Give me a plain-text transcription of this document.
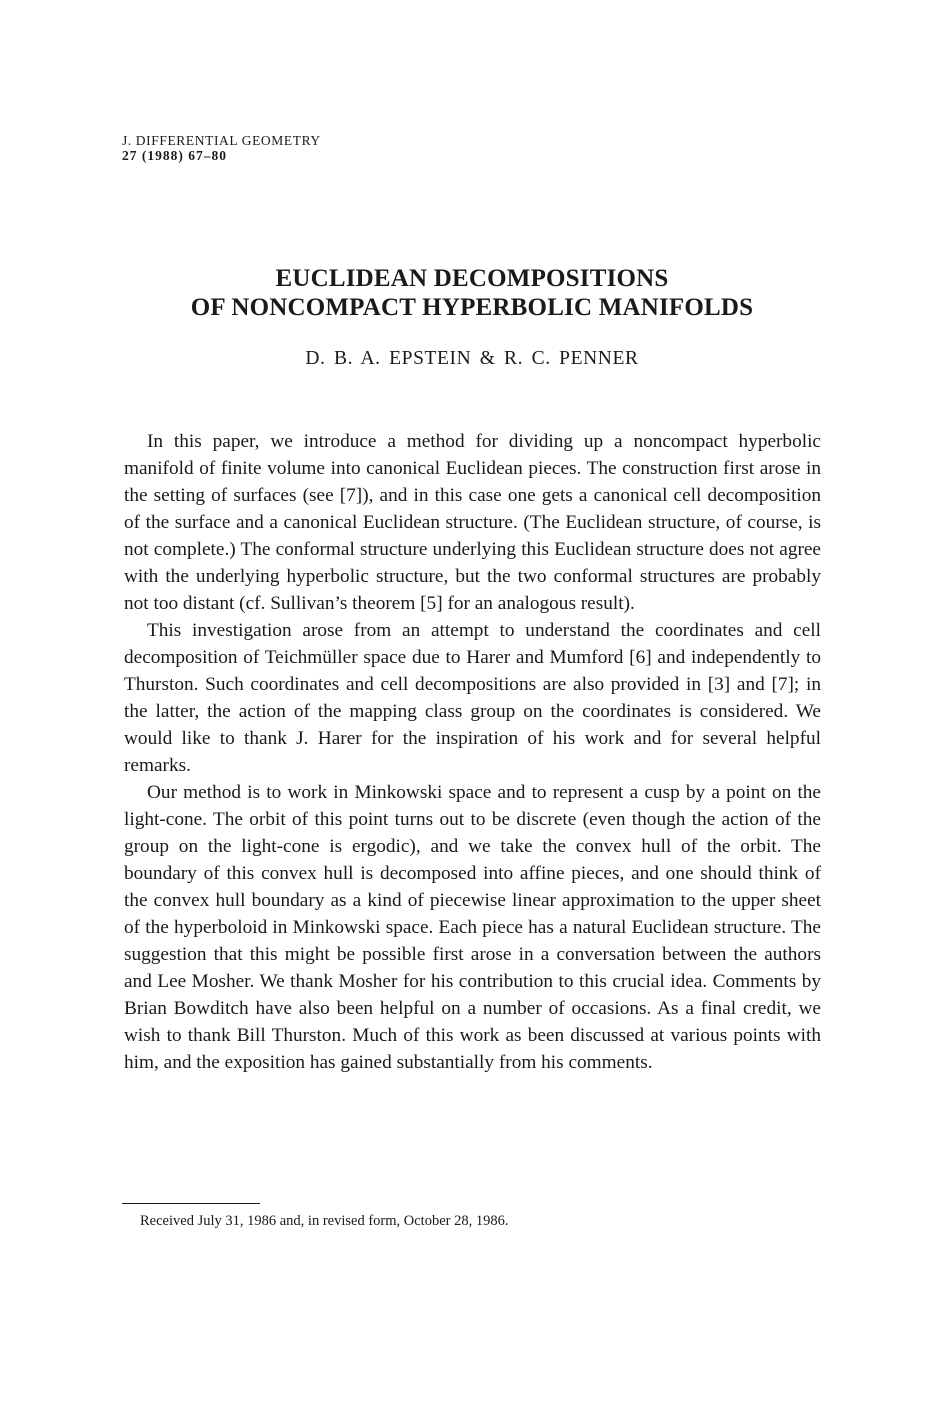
J. DIFFERENTIAL GEOMETRY
27 (1988) 67–80
EUCLIDEAN DECOMPOSITIONS
OF NONCOMPACT HYPERBOLIC MANIFOLDS
D. B. A. EPSTEIN & R. C. PENNER

In this paper, we introduce a method for dividing up a noncompact hyperbolic manifold of finite volume into canonical Euclidean pieces. The construction first arose in the setting of surfaces (see [7]), and in this case one gets a canonical cell decomposition of the surface and a canonical Euclidean structure. (The Euclidean structure, of course, is not complete.) The conformal structure underlying this Euclidean structure does not agree with the underlying hyperbolic structure, but the two conformal structures are probably not too distant (cf. Sullivan’s theorem [5] for an analogous result).

This investigation arose from an attempt to understand the coordinates and cell decomposition of Teichmüller space due to Harer and Mumford [6] and independently to Thurston. Such coordinates and cell decompositions are also provided in [3] and [7]; in the latter, the action of the mapping class group on the coordinates is considered. We would like to thank J. Harer for the inspiration of his work and for several helpful remarks.

Our method is to work in Minkowski space and to represent a cusp by a point on the light-cone. The orbit of this point turns out to be discrete (even though the action of the group on the light-cone is ergodic), and we take the convex hull of the orbit. The boundary of this convex hull is decomposed into affine pieces, and one should think of the convex hull boundary as a kind of piecewise linear approximation to the upper sheet of the hyperboloid in Minkowski space. Each piece has a natural Euclidean structure. The suggestion that this might be possible first arose in a conversation between the authors and Lee Mosher. We thank Mosher for his contribution to this crucial idea. Comments by Brian Bowditch have also been helpful on a number of occasions. As a final credit, we wish to thank Bill Thurston. Much of this work as been discussed at various points with him, and the exposition has gained substantially from his comments.

Received July 31, 1986 and, in revised form, October 28, 1986.
